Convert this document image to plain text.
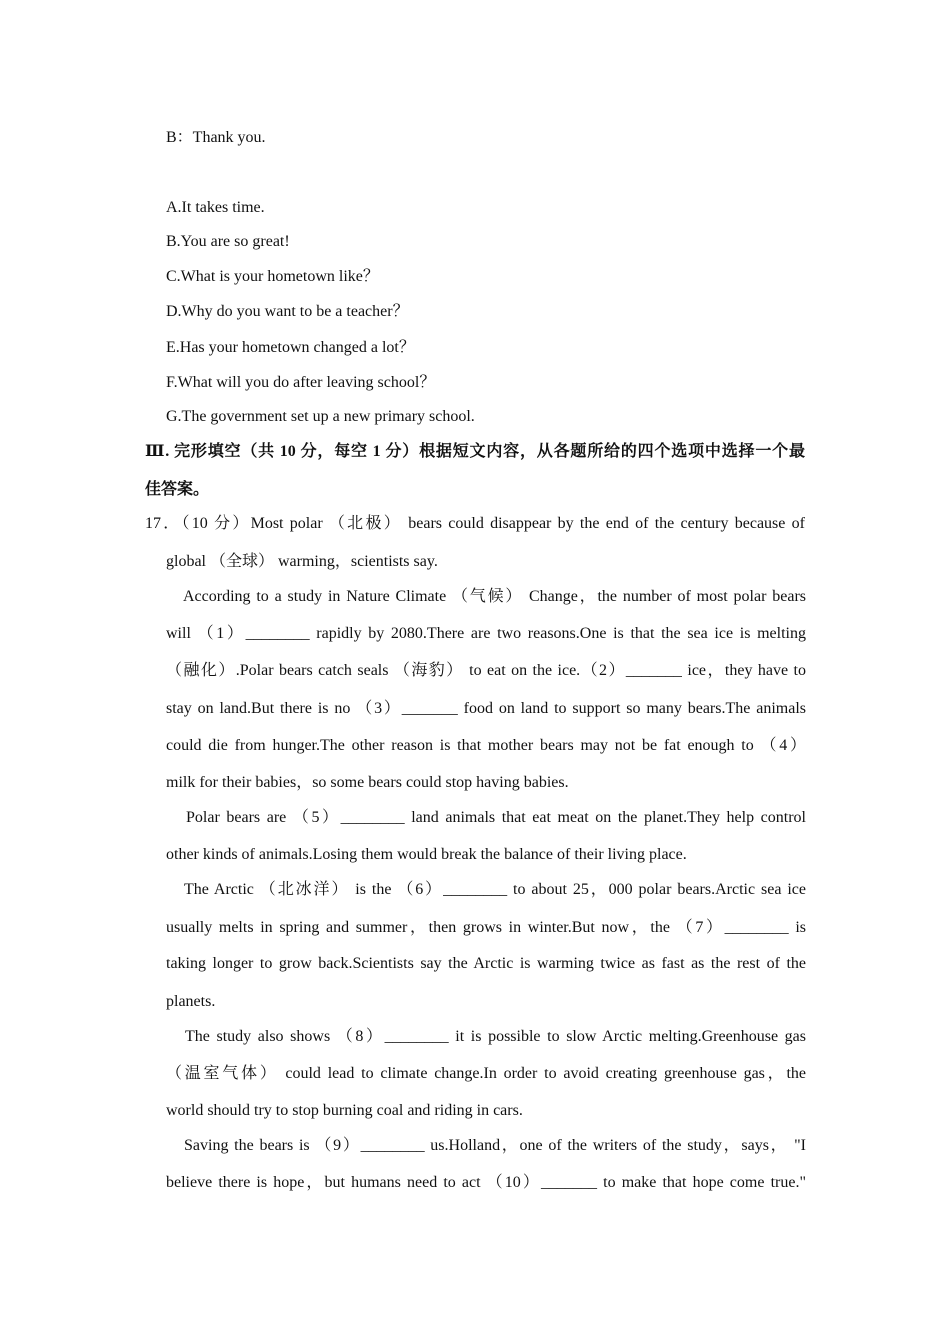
B：Thank you.
A.It takes time.
B.You are so great!
C.What is your hometown like？
D.Why do you want to be a teacher？
E.Has your hometown changed a lot？
F.What will you do after leaving school？
G.The government set up a new primary school.
Ⅲ. 完形填空（共 10 分，每空 1 分）根据短文内容，从各题所给的四个选项中选择一个最
佳答案。
17．（10 分）Most polar （北极） bears could disappear by the end of the century because of
global （全球） warming，scientists say.
According to a study in Nature Climate （气候） Change，the number of most polar bears
will （1）________ rapidly by 2080.There are two reasons.One is that the sea ice is melting
（融化）.Polar bears catch seals （海豹） to eat on the ice.（2）_______ ice，they have to
stay on land.But there is no （3）_______ food on land to support so many bears.The animals
could die from hunger.The other reason is that mother bears may not be fat enough to （4）
milk for their babies，so some bears could stop having babies.
Polar bears are （5）________ land animals that eat meat on the planet.They help control
other kinds of animals.Losing them would break the balance of their living place.
The Arctic （北冰洋） is the （6）________ to about 25，000 polar bears.Arctic sea ice
usually melts in spring and summer，then grows in winter.But now，the （7）________ is
taking longer to grow back.Scientists say the Arctic is warming twice as fast as the rest of the
planets.
The study also shows （8）________ it is possible to slow Arctic melting.Greenhouse gas
（温室气体） could lead to climate change.In order to avoid creating greenhouse gas，the
world should try to stop burning coal and riding in cars.
Saving the bears is （9）________ us.Holland，one of the writers of the study，says， "I
believe there is hope，but humans need to act （10）_______ to make that hope come true."
